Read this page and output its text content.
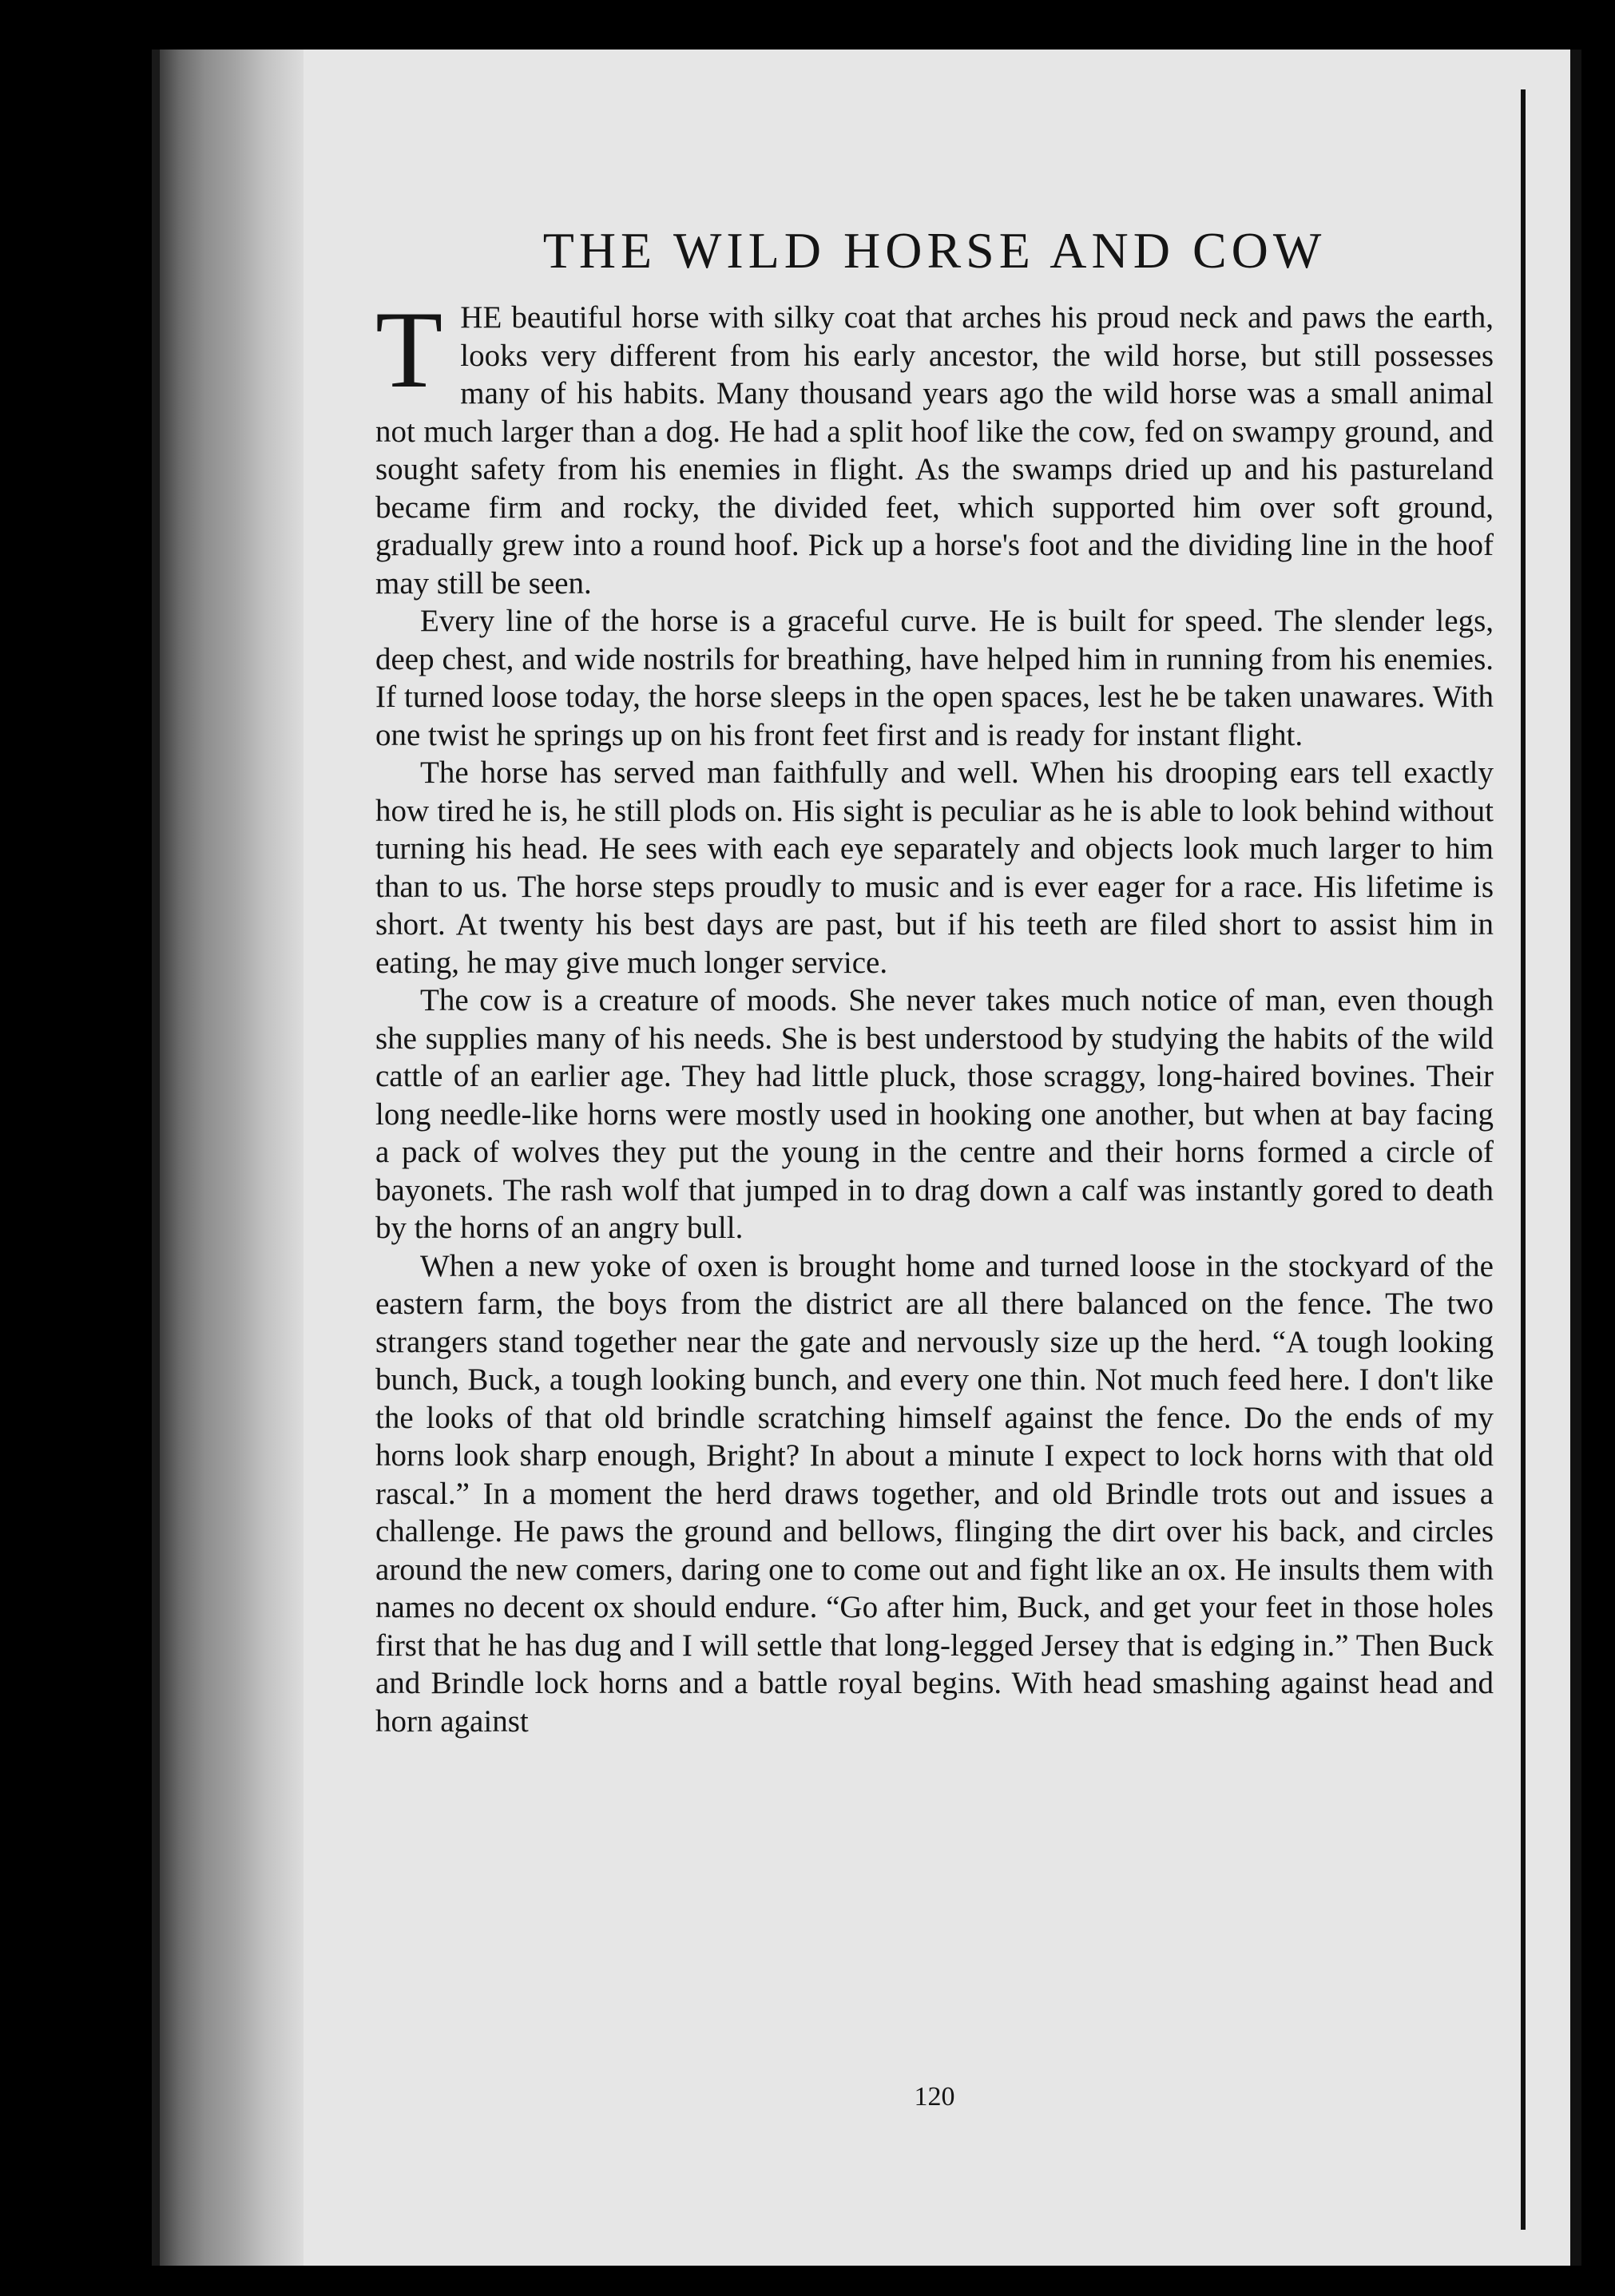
THE WILD HORSE AND COW

THE beautiful horse with silky coat that arches his proud neck and paws the earth, looks very different from his early ancestor, the wild horse, but still possesses many of his habits. Many thousand years ago the wild horse was a small animal not much larger than a dog. He had a split hoof like the cow, fed on swampy ground, and sought safety from his enemies in flight. As the swamps dried up and his pastureland became firm and rocky, the divided feet, which supported him over soft ground, gradually grew into a round hoof. Pick up a horse's foot and the dividing line in the hoof may still be seen.

Every line of the horse is a graceful curve. He is built for speed. The slender legs, deep chest, and wide nostrils for breathing, have helped him in running from his enemies. If turned loose today, the horse sleeps in the open spaces, lest he be taken unawares. With one twist he springs up on his front feet first and is ready for instant flight.

The horse has served man faithfully and well. When his drooping ears tell exactly how tired he is, he still plods on. His sight is peculiar as he is able to look behind without turning his head. He sees with each eye separately and objects look much larger to him than to us. The horse steps proudly to music and is ever eager for a race. His lifetime is short. At twenty his best days are past, but if his teeth are filed short to assist him in eating, he may give much longer service.

The cow is a creature of moods. She never takes much notice of man, even though she supplies many of his needs. She is best understood by studying the habits of the wild cattle of an earlier age. They had little pluck, those scraggy, long-haired bovines. Their long needle-like horns were mostly used in hooking one another, but when at bay facing a pack of wolves they put the young in the centre and their horns formed a circle of bayonets. The rash wolf that jumped in to drag down a calf was instantly gored to death by the horns of an angry bull.

When a new yoke of oxen is brought home and turned loose in the stockyard of the eastern farm, the boys from the district are all there balanced on the fence. The two strangers stand together near the gate and nervously size up the herd. “A tough looking bunch, Buck, a tough looking bunch, and every one thin. Not much feed here. I don't like the looks of that old brindle scratching himself against the fence. Do the ends of my horns look sharp enough, Bright? In about a minute I expect to lock horns with that old rascal.” In a moment the herd draws together, and old Brindle trots out and issues a challenge. He paws the ground and bellows, flinging the dirt over his back, and circles around the new comers, daring one to come out and fight like an ox. He insults them with names no decent ox should endure. “Go after him, Buck, and get your feet in those holes first that he has dug and I will settle that long-legged Jersey that is edging in.” Then Buck and Brindle lock horns and a battle royal begins. With head smashing against head and horn against

120
